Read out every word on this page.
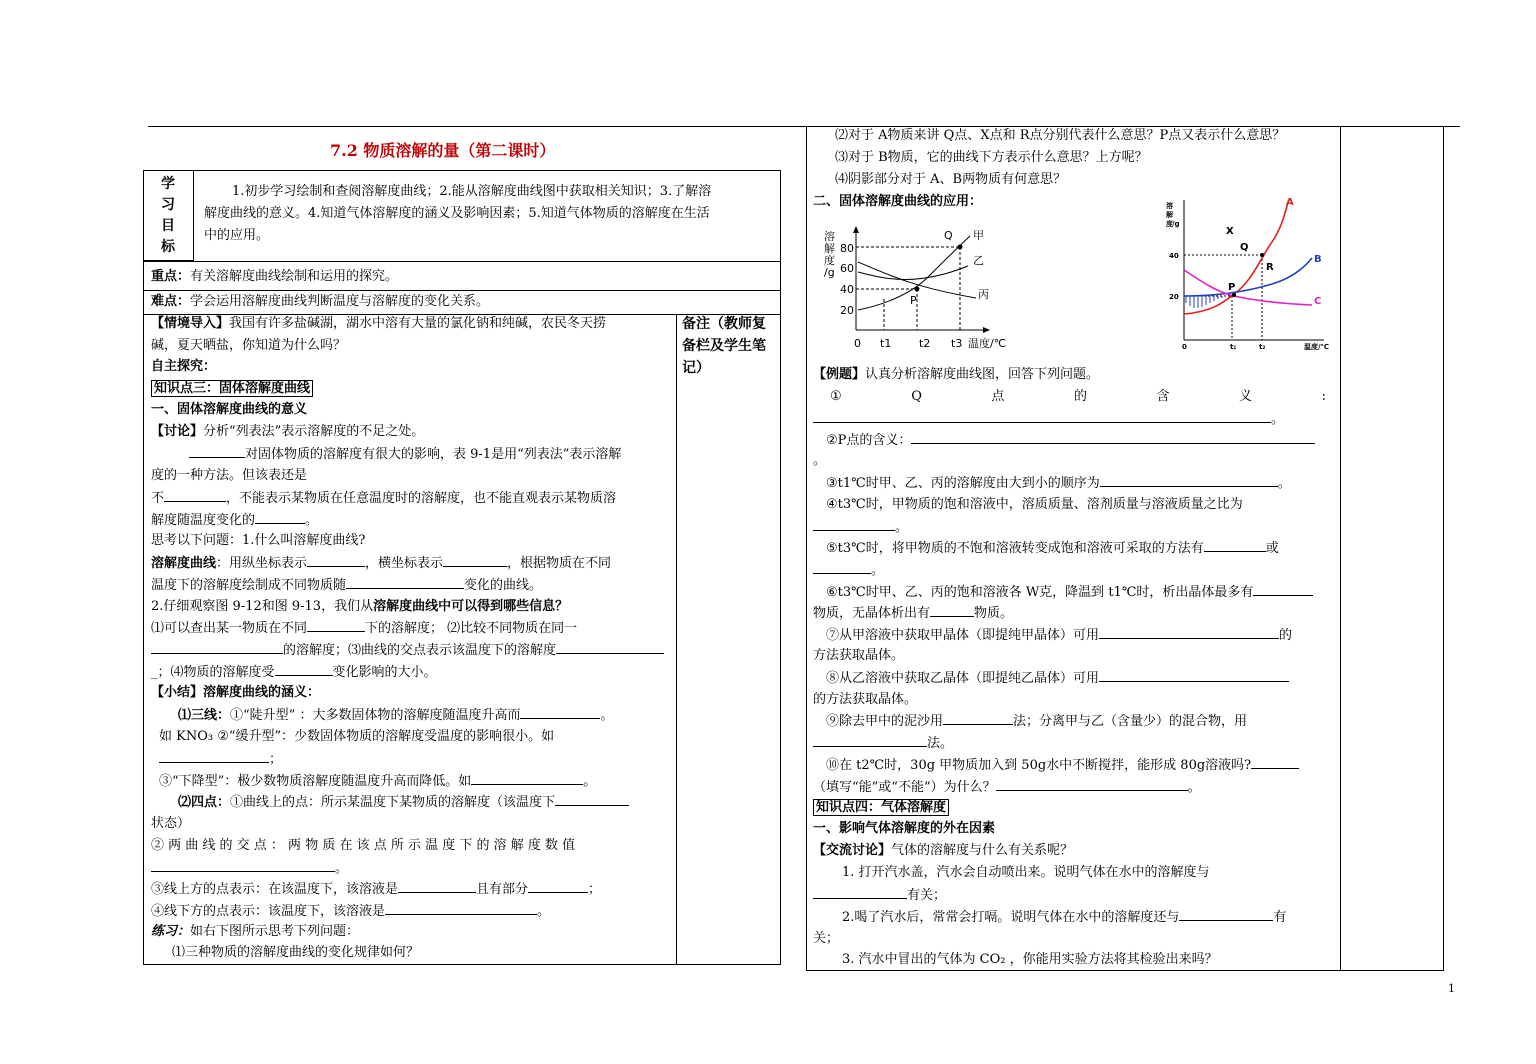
7.2 物质溶解的量（第二课时）
学
习
目
标
1.初步学习绘制和查阅溶解度曲线；2.能从溶解度曲线图中获取相关知识；3.了解溶
解度曲线的意义。4.知道气体溶解度的涵义及影响因素；5.知道气体物质的溶解度在生活
中的应用。
重点：有关溶解度曲线绘制和运用的探究。
难点：学会运用溶解度曲线判断温度与溶解度的变化关系。
备注（教师复
备栏及学生笔
记）
【情境导入】我国有许多盐碱湖，湖水中溶有大量的氯化钠和纯碱，农民冬天捞
碱，夏天晒盐，你知道为什么吗？
自主探究：
知识点三：固体溶解度曲线
一、固体溶解度曲线的意义
【讨论】分析“列表法”表示溶解度的不足之处。
对固体物质的溶解度有很大的影响，表 9-1是用“列表法”表示溶解
度的一种方法。但该表还是
不	，不能表示某物质在任意温度时的溶解度，也不能直观表示某物质溶
解度随温度变化的	。
思考以下问题：1.什么叫溶解度曲线?
溶解度曲线：用纵坐标表示	，横坐标表示	，根据物质在不同
温度下的溶解度绘制成不同物质随	变化的曲线。
2.仔细观察图 9-12和图 9-13，我们从溶解度曲线中可以得到哪些信息？
⑴可以查出某一物质在不同	下的溶解度； ⑵比较不同物质在同一
的溶解度；⑶曲线的交点表示该温度下的溶解度
_；⑷物质的溶解度受	变化影响的大小。
【小结】溶解度曲线的涵义：
⑴三线：①“陡升型” ：大多数固体物的溶解度随温度升高而	。
如 KNO₃ ②“缓升型”：少数固体物质的溶解度受温度的影响很小。如
；
③“下降型”：极少数物质溶解度随温度升高而降低。如	。
⑵四点：①曲线上的点：所示某温度下某物质的溶解度（该温度下
状态）
② 两 曲 线 的 交 点 ： 两 物 质 在 该 点 所 示 温 度 下 的 溶 解 度 数 值
。
③线上方的点表示：在该温度下，该溶液是	且有部分	；
④线下方的点表示：该温度下，该溶液是	。
练习：如右下图所示思考下列问题：
⑴三种物质的溶解度曲线的变化规律如何？
⑵对于 A物质来讲 Q点、X点和 R点分别代表什么意思？P点又表示什么意思？
⑶对于 B物质，它的曲线下方表示什么意思？上方呢？
⑷阴影部分对于 A、B两物质有何意思？
二、固体溶解度曲线的应用：
溶
解
度
/g
80
60
40
20
0 t1	t2 t3 温度/℃
甲
乙
丙
Q
P
溶
解
度 /g
40
20
0	t₁	t₂	温度/℃
A
B
C
X
Q
R
P
【例题】认真分析溶解度曲线图，回答下列问题。
①	Q	点	的	含	义	:
。
②P点的含义：
。
③t1℃时甲、乙、丙的溶解度由大到小的顺序为	。
④t3℃时，甲物质的饱和溶液中，溶质质量、溶剂质量与溶液质量之比为
。
⑤t3℃时，将甲物质的不饱和溶液转变成饱和溶液可采取的方法有	或
。
⑥t3℃时甲、乙、丙的饱和溶液各 W克，降温到 t1℃时，析出晶体最多有
物质，无晶体析出有	物质。
⑦从甲溶液中获取甲晶体（即提纯甲晶体）可用	的
方法获取晶体。
⑧从乙溶液中获取乙晶体（即提纯乙晶体）可用
的方法获取晶体。
⑨除去甲中的泥沙用	法；分离甲与乙（含量少）的混合物，用
法。
⑩在 t2℃时，30g 甲物质加入到 50g水中不断搅拌，能形成 80g溶液吗?
（填写“能”或“不能”）为什么？	。
知识点四：气体溶解度
一、影响气体溶解度的外在因素
【交流讨论】气体的溶解度与什么有关系呢？
1. 打开汽水盖，汽水会自动喷出来。说明气体在水中的溶解度与
有关；
2.喝了汽水后，常常会打嗝。说明气体在水中的溶解度还与	有
关；
3. 汽水中冒出的气体为 CO₂ ，你能用实验方法将其检验出来吗？
1
